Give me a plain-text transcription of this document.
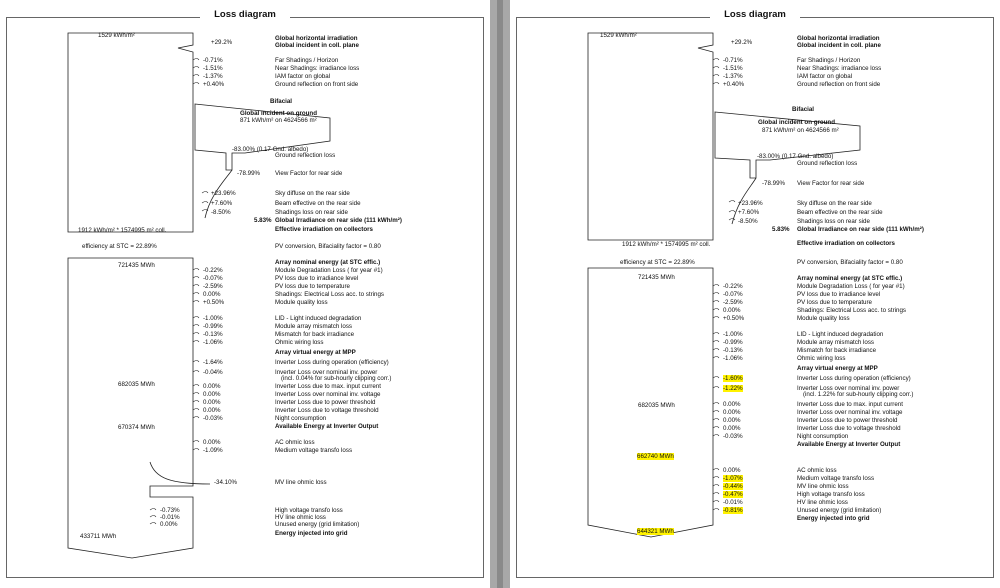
Loss diagram
1529 kWh/m²
1912 kWh/m² * 1574995 m² coll.
efficiency at STC = 22.89%
721435 MWh
682035 MWh
670374 MWh
433711 MWh
+29.2%
-0.71%
-1.51%
-1.37%
+0.40%
-83.00% (0.17 Gnd. albedo)
-78.99%
+23.96%
+7.60%
-8.50%
5.83%
-0.22%
-0.07%
-2.59%
0.00%
+0.50%
-1.00%
-0.99%
-0.13%
-1.06%
-1.64%
-0.04%
0.00%
0.00%
0.00%
0.00%
-0.03%
0.00%
-1.09%
-34.10%
-0.73%
-0.01%
0.00%
Global horizontal irradiation
Global incident in coll. plane
Far Shadings / Horizon
Near Shadings: irradiance loss
IAM factor on global
Ground reflection on front side
Bifacial
Global incident on ground
871 kWh/m² on 4624566 m²
Ground reflection loss
View Factor for rear side
Sky diffuse on the rear side
Beam effective on the rear side
Shadings loss on rear side
Global Irradiance on rear side (111 kWh/m²)
Effective irradiation on collectors
PV conversion, Bifaciality factor = 0.80
Array nominal energy (at STC effic.)
Module Degradation Loss ( for year #1)
PV loss due to irradiance level
PV loss due to temperature
Shadings: Electrical Loss acc. to strings
Module quality loss
LID - Light induced degradation
Module array mismatch loss
Mismatch for back irradiance
Ohmic wiring loss
Array virtual energy at MPP
Inverter Loss during operation (efficiency)
Inverter Loss over nominal inv. power
(incl. 0.04% for sub-hourly clipping corr.)
Inverter Loss due to max. input current
Inverter Loss over nominal inv. voltage
Inverter Loss due to power threshold
Inverter Loss due to voltage threshold
Night consumption
Available Energy at Inverter Output
AC ohmic loss
Medium voltage transfo loss
MV line ohmic loss
High voltage transfo loss
HV line ohmic loss
Unused energy (grid limitation)
Energy injected into grid
Loss diagram
1529 kWh/m²
1912 kWh/m² * 1574995 m² coll.
efficiency at STC = 22.89%
721435 MWh
682035 MWh
662740 MWh
644321 MWh
+29.2%
-0.71%
-1.51%
-1.37%
+0.40%
-83.00% (0.17 Gnd. albedo)
-78.99%
+23.96%
+7.60%
-8.50%
5.83%
-0.22%
-0.07%
-2.59%
0.00%
+0.50%
-1.00%
-0.99%
-0.13%
-1.06%
-1.60%
-1.22%
0.00%
0.00%
0.00%
0.00%
-0.03%
0.00%
-1.07%
-0.44%
-0.47%
-0.01%
-0.81%
Global horizontal irradiation
Global incident in coll. plane
Far Shadings / Horizon
Near Shadings: irradiance loss
IAM factor on global
Ground reflection on front side
Bifacial
Global incident on ground
871 kWh/m² on 4624566 m²
Ground reflection loss
View Factor for rear side
Sky diffuse on the rear side
Beam effective on the rear side
Shadings loss on rear side
Global Irradiance on rear side (111 kWh/m²)
Effective irradiation on collectors
PV conversion, Bifaciality factor = 0.80
Array nominal energy (at STC effic.)
Module Degradation Loss ( for year #1)
PV loss due to irradiance level
PV loss due to temperature
Shadings: Electrical Loss acc. to strings
Module quality loss
LID - Light induced degradation
Module array mismatch loss
Mismatch for back irradiance
Ohmic wiring loss
Array virtual energy at MPP
Inverter Loss during operation (efficiency)
Inverter Loss over nominal inv. power
(incl. 1.22% for sub-hourly clipping corr.)
Inverter Loss due to max. input current
Inverter Loss over nominal inv. voltage
Inverter Loss due to power threshold
Inverter Loss due to voltage threshold
Night consumption
Available Energy at Inverter Output
AC ohmic loss
Medium voltage transfo loss
MV line ohmic loss
High voltage transfo loss
HV line ohmic loss
Unused energy (grid limitation)
Energy injected into grid
